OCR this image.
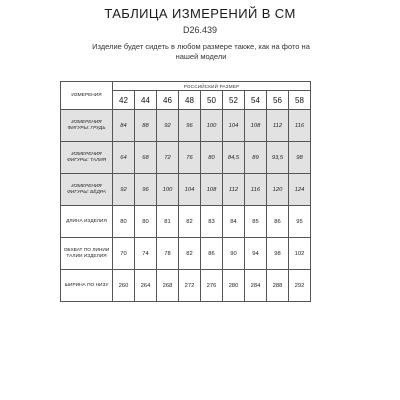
ТАБЛИЦА ИЗМЕРЕНИЙ В СМ
D26.439
Изделие будет сидеть в любом размере также, как на фото на
нашей модели
ИЗМЕРЕНИЯ	РОССИЙСКИЙ РАЗМЕР								
	42	44	46	48	50	52	54	56	58
ИЗМЕРЕНИЯ ФИГУРЫ: ГРУДЬ	84	88	92	96	100	104	108	112	116
ИЗМЕРЕНИЯ ФИГУРЫ: ТАЛИЯ	64	68	72	76	80	84,5	89	93,5	98
ИЗМЕРЕНИЯ ФИГУРЫ: БЁДРА	92	96	100	104	108	112	116	120	124
ДЛИНА ИЗДЕЛИЯ	80	80	81	82	83	84	85	86	95
ОБХВАТ ПО ЛИНИИ ТАЛИИ ИЗДЕЛИЯ	70	74	78	82	86	90	94	98	102
ШИРИНА ПО НИЗУ	260	264	268	272	276	280	284	288	292
